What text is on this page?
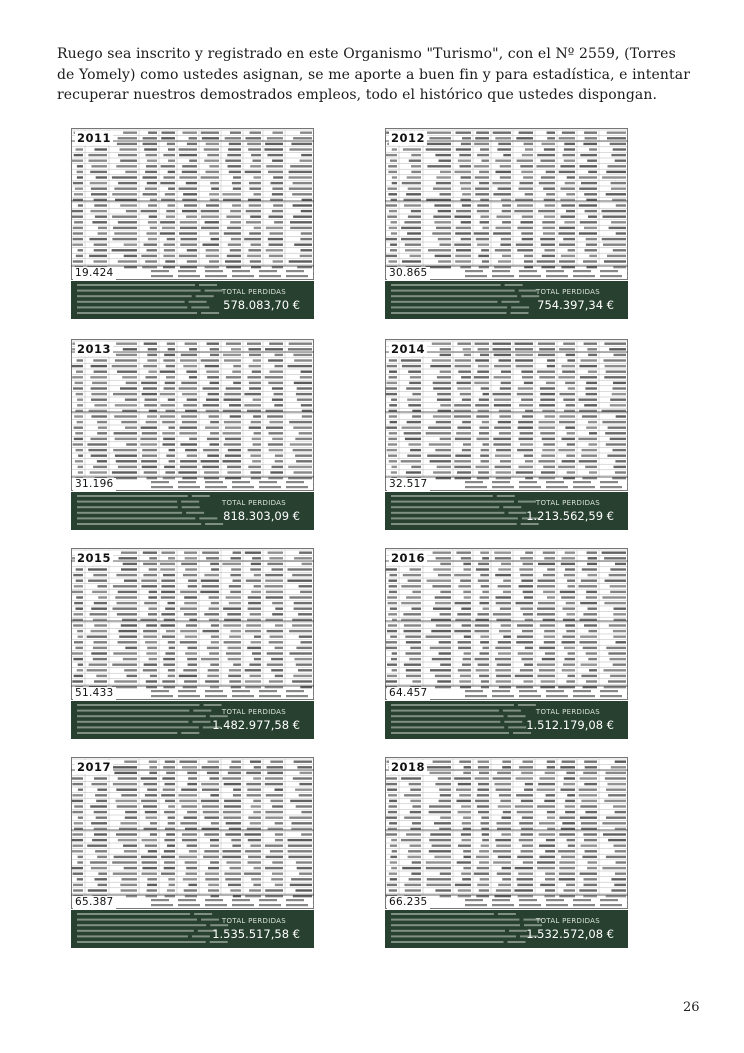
Ruego sea inscrito y registrado en este Organismo "Turismo", con el Nº 2559, (Torres de Yomely) como ustedes asignan, se me aporte a buen fin y para estadística, e intentar recuperar nuestros demostrados empleos, todo el histórico que ustedes dispongan.
2011
19.424
TOTAL PERDIDAS
578.083,70 €
2012
30.865
TOTAL PERDIDAS
754.397,34 €
2013
31.196
TOTAL PERDIDAS
818.303,09 €
2014
32.517
TOTAL PERDIDAS
1.213.562,59 €
2015
51.433
TOTAL PERDIDAS
1.482.977,58 €
2016
64.457
TOTAL PERDIDAS
1.512.179,08 €
2017
65.387
TOTAL PERDIDAS
1.535.517,58 €
2018
66.235
TOTAL PERDIDAS
1.532.572,08 €
26
